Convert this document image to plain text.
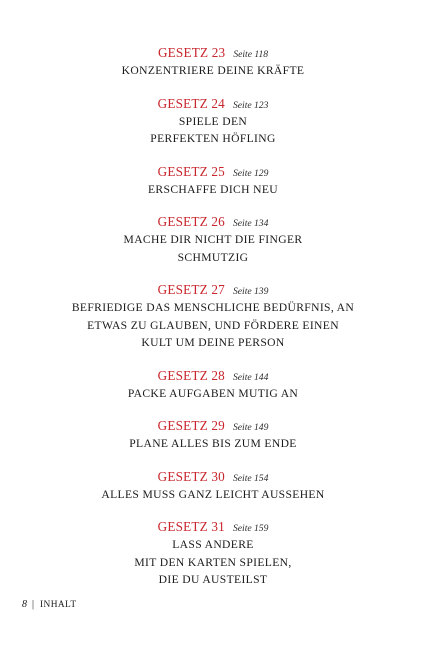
GESETZ 23 Seite 118
KONZENTRIERE DEINE KRÄFTE
GESETZ 24 Seite 123
SPIELE DEN
PERFEKTEN HÖFLING
GESETZ 25 Seite 129
ERSCHAFFE DICH NEU
GESETZ 26 Seite 134
MACHE DIR NICHT DIE FINGER
SCHMUTZIG
GESETZ 27 Seite 139
BEFRIEDIGE DAS MENSCHLICHE BEDÜRFNIS, AN
ETWAS ZU GLAUBEN, UND FÖRDERE EINEN
KULT UM DEINE PERSON
GESETZ 28 Seite 144
PACKE AUFGABEN MUTIG AN
GESETZ 29 Seite 149
PLANE ALLES BIS ZUM ENDE
GESETZ 30 Seite 154
ALLES MUSS GANZ LEICHT AUSSEHEN
GESETZ 31 Seite 159
LASS ANDERE
MIT DEN KARTEN SPIELEN,
DIE DU AUSTEILST
8 | INHALT
